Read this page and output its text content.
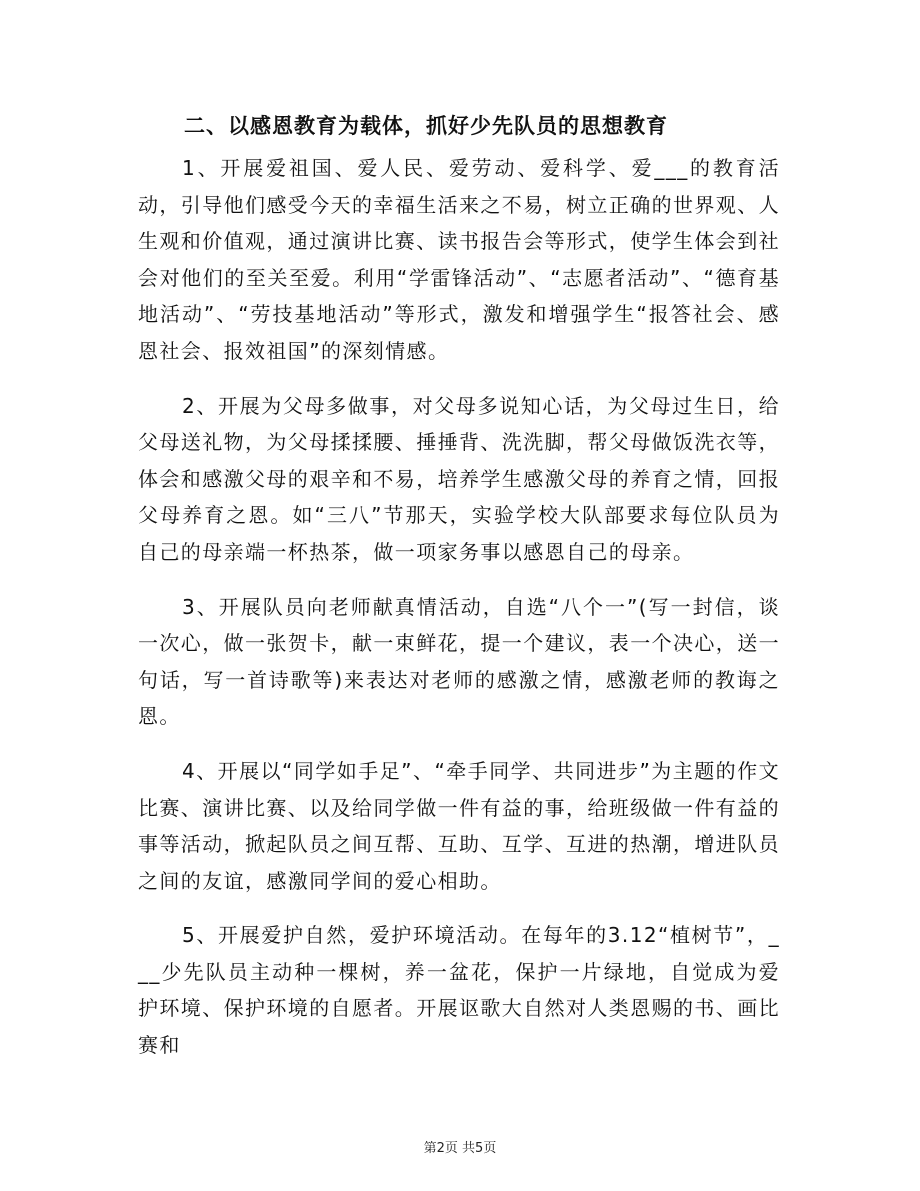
二、以感恩教育为载体，抓好少先队员的思想教育

1、开展爱祖国、爱人民、爱劳动、爱科学、爱___的教育活动，引导他们感受今天的幸福生活来之不易，树立正确的世界观、人生观和价值观，通过演讲比赛、读书报告会等形式，使学生体会到社会对他们的至关至爱。利用“学雷锋活动”、“志愿者活动”、“德育基地活动”、“劳技基地活动”等形式，激发和增强学生“报答社会、感恩社会、报效祖国”的深刻情感。

2、开展为父母多做事，对父母多说知心话，为父母过生日，给父母送礼物，为父母揉揉腰、捶捶背、洗洗脚，帮父母做饭洗衣等，体会和感激父母的艰辛和不易，培养学生感激父母的养育之情，回报父母养育之恩。如“三八”节那天，实验学校大队部要求每位队员为自己的母亲端一杯热茶，做一项家务事以感恩自己的母亲。

3、开展队员向老师献真情活动，自选“八个一”(写一封信，谈一次心，做一张贺卡，献一束鲜花，提一个建议，表一个决心，送一句话，写一首诗歌等)来表达对老师的感激之情，感激老师的教诲之恩。

4、开展以“同学如手足”、“牵手同学、共同进步”为主题的作文比赛、演讲比赛、以及给同学做一件有益的事，给班级做一件有益的事等活动，掀起队员之间互帮、互助、互学、互进的热潮，增进队员之间的友谊，感激同学间的爱心相助。

5、开展爱护自然，爱护环境活动。在每年的3.12“植树节”，___少先队员主动种一棵树，养一盆花，保护一片绿地，自觉成为爱护环境、保护环境的自愿者。开展讴歌大自然对人类恩赐的书、画比赛和

第2页 共5页
